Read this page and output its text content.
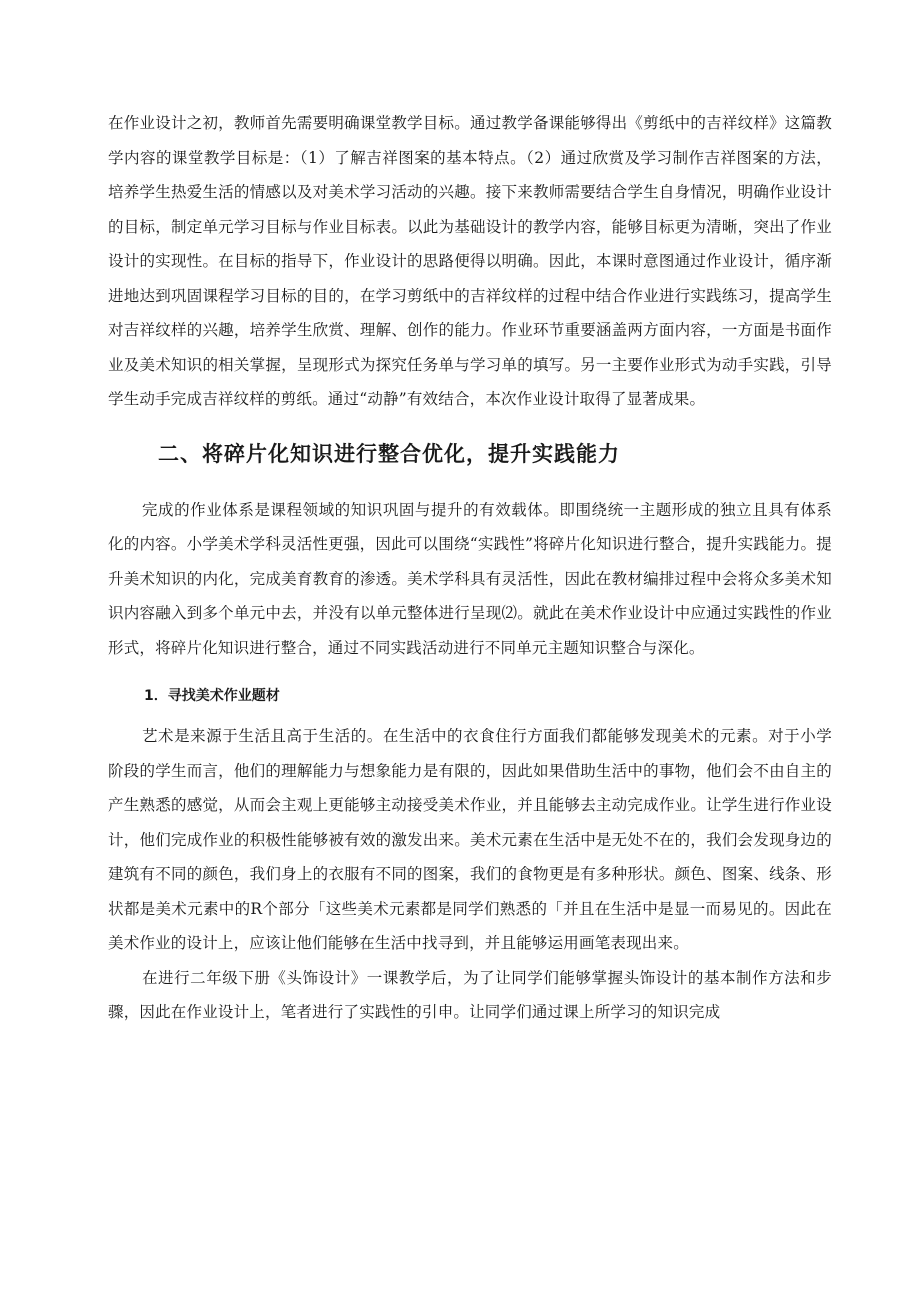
在作业设计之初，教师首先需要明确课堂教学目标。通过教学备课能够得出《剪纸中的吉祥纹样》这篇教学内容的课堂教学目标是：（1）了解吉祥图案的基本特点。（2）通过欣赏及学习制作吉祥图案的方法，培养学生热爱生活的情感以及对美术学习活动的兴趣。接下来教师需要结合学生自身情况，明确作业设计的目标，制定单元学习目标与作业目标表。以此为基础设计的教学内容，能够目标更为清晰，突出了作业设计的实现性。在目标的指导下，作业设计的思路便得以明确。因此，本课时意图通过作业设计，循序渐进地达到巩固课程学习目标的目的，在学习剪纸中的吉祥纹样的过程中结合作业进行实践练习，提高学生对吉祥纹样的兴趣，培养学生欣赏、理解、创作的能力。作业环节重要涵盖两方面内容，一方面是书面作业及美术知识的相关掌握，呈现形式为探究任务单与学习单的填写。另一主要作业形式为动手实践，引导学生动手完成吉祥纹样的剪纸。通过“动静”有效结合，本次作业设计取得了显著成果。

二、将碎片化知识进行整合优化，提升实践能力

完成的作业体系是课程领域的知识巩固与提升的有效载体。即围绕统一主题形成的独立且具有体系化的内容。小学美术学科灵活性更强，因此可以围绕“实践性”将碎片化知识进行整合，提升实践能力。提升美术知识的内化，完成美育教育的渗透。美术学科具有灵活性，因此在教材编排过程中会将众多美术知识内容融入到多个单元中去，并没有以单元整体进行呈现⑵。就此在美术作业设计中应通过实践性的作业形式，将碎片化知识进行整合，通过不同实践活动进行不同单元主题知识整合与深化。

1．寻找美术作业题材

艺术是来源于生活且高于生活的。在生活中的衣食住行方面我们都能够发现美术的元素。对于小学阶段的学生而言，他们的理解能力与想象能力是有限的，因此如果借助生活中的事物，他们会不由自主的产生熟悉的感觉，从而会主观上更能够主动接受美术作业，并且能够去主动完成作业。让学生进行作业设计，他们完成作业的积极性能够被有效的激发出来。美术元素在生活中是无处不在的，我们会发现身边的建筑有不同的颜色，我们身上的衣服有不同的图案，我们的食物更是有多种形状。颜色、图案、线条、形状都是美术元素中的R个部分「这些美术元素都是同学们熟悉的「并且在生活中是显一而易见的。因此在美术作业的设计上，应该让他们能够在生活中找寻到，并且能够运用画笔表现出来。

在进行二年级下册《头饰设计》一课教学后，为了让同学们能够掌握头饰设计的基本制作方法和步骤，因此在作业设计上，笔者进行了实践性的引申。让同学们通过课上所学习的知识完成
